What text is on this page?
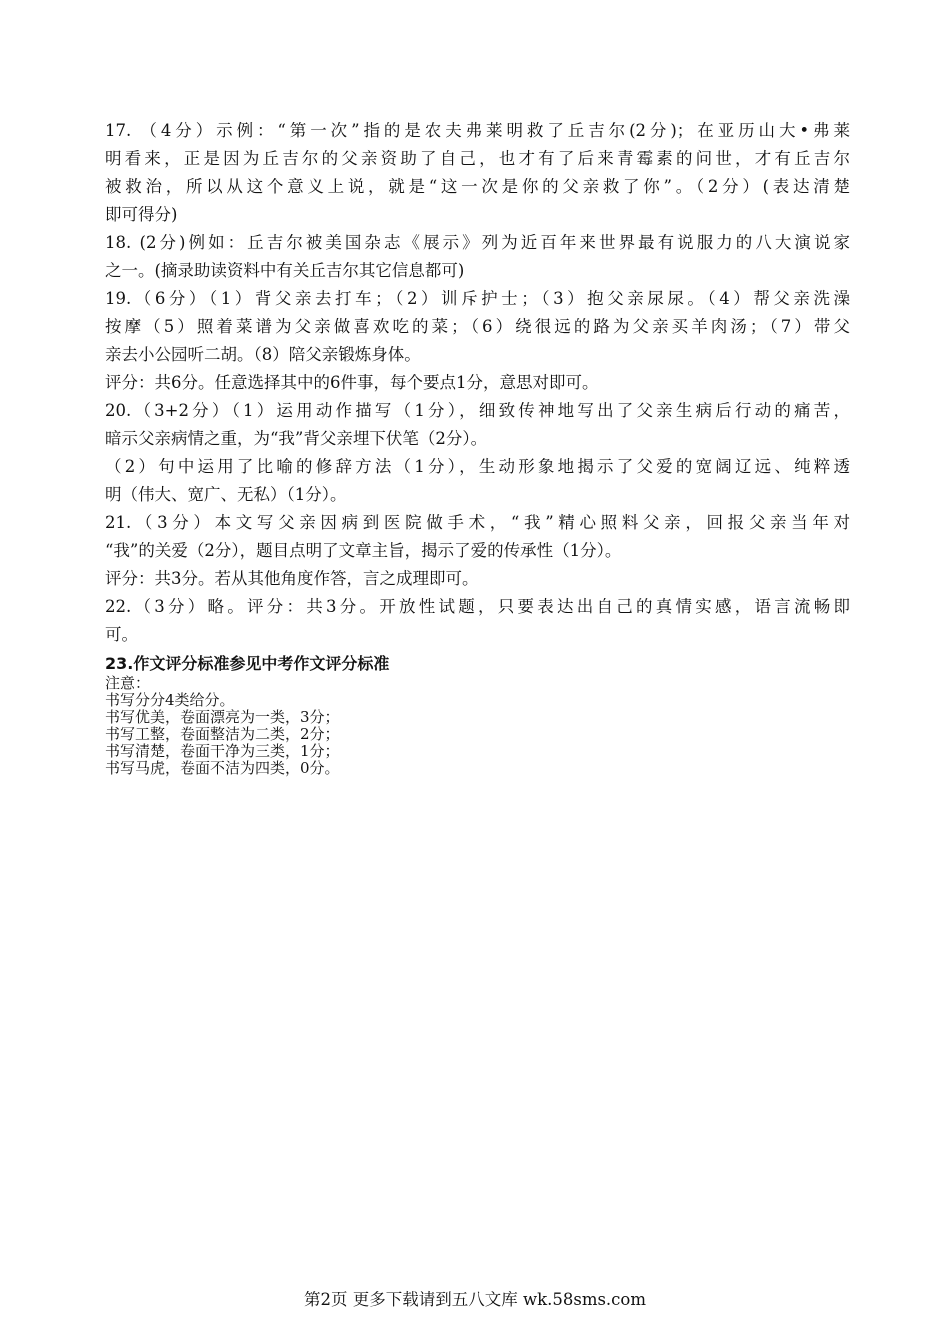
17. （4分）示例：“第一次”指的是农夫弗莱明救了丘吉尔(2分)；在亚历山大•弗莱
明看来，正是因为丘吉尔的父亲资助了自己，也才有了后来青霉素的问世，才有丘吉尔
被救治，所以从这个意义上说，就是“这一次是你的父亲救了你”。（2分）(表达清楚
即可得分)

18. (2分)例如：丘吉尔被美国杂志《展示》列为近百年来世界最有说服力的八大演说家
之一。(摘录助读资料中有关丘吉尔其它信息都可)

19.（6分）（1）背父亲去打车；（2）训斥护士；（3）抱父亲尿尿。（4）帮父亲洗澡
按摩（5）照着菜谱为父亲做喜欢吃的菜；（6）绕很远的路为父亲买羊肉汤；（7）带父
亲去小公园听二胡。（8）陪父亲锻炼身体。

评分：共6分。任意选择其中的6件事，每个要点1分，意思对即可。

20.（3+2分）（1）运用动作描写（1分），细致传神地写出了父亲生病后行动的痛苦，
暗示父亲病情之重，为“我”背父亲埋下伏笔（2分）。

（2）句中运用了比喻的修辞方法（1分），生动形象地揭示了父爱的宽阔辽远、纯粹透
明（伟大、宽广、无私）（1分）。

21.（3分）本文写父亲因病到医院做手术，“我”精心照料父亲，回报父亲当年对
“我”的关爱（2分），题目点明了文章主旨，揭示了爱的传承性（1分）。

评分：共3分。若从其他角度作答，言之成理即可。

22.（3分）略。评分：共3分。开放性试题，只要表达出自己的真情实感，语言流畅即
可。

23.作文评分标准参见中考作文评分标准

注意：
书写分分4类给分。
书写优美，卷面漂亮为一类，3分；
书写工整，卷面整洁为二类，2分；
书写清楚，卷面干净为三类，1分；
书写马虎，卷面不洁为四类，0分。
第2页 更多下载请到五八文库 wk.58sms.com
